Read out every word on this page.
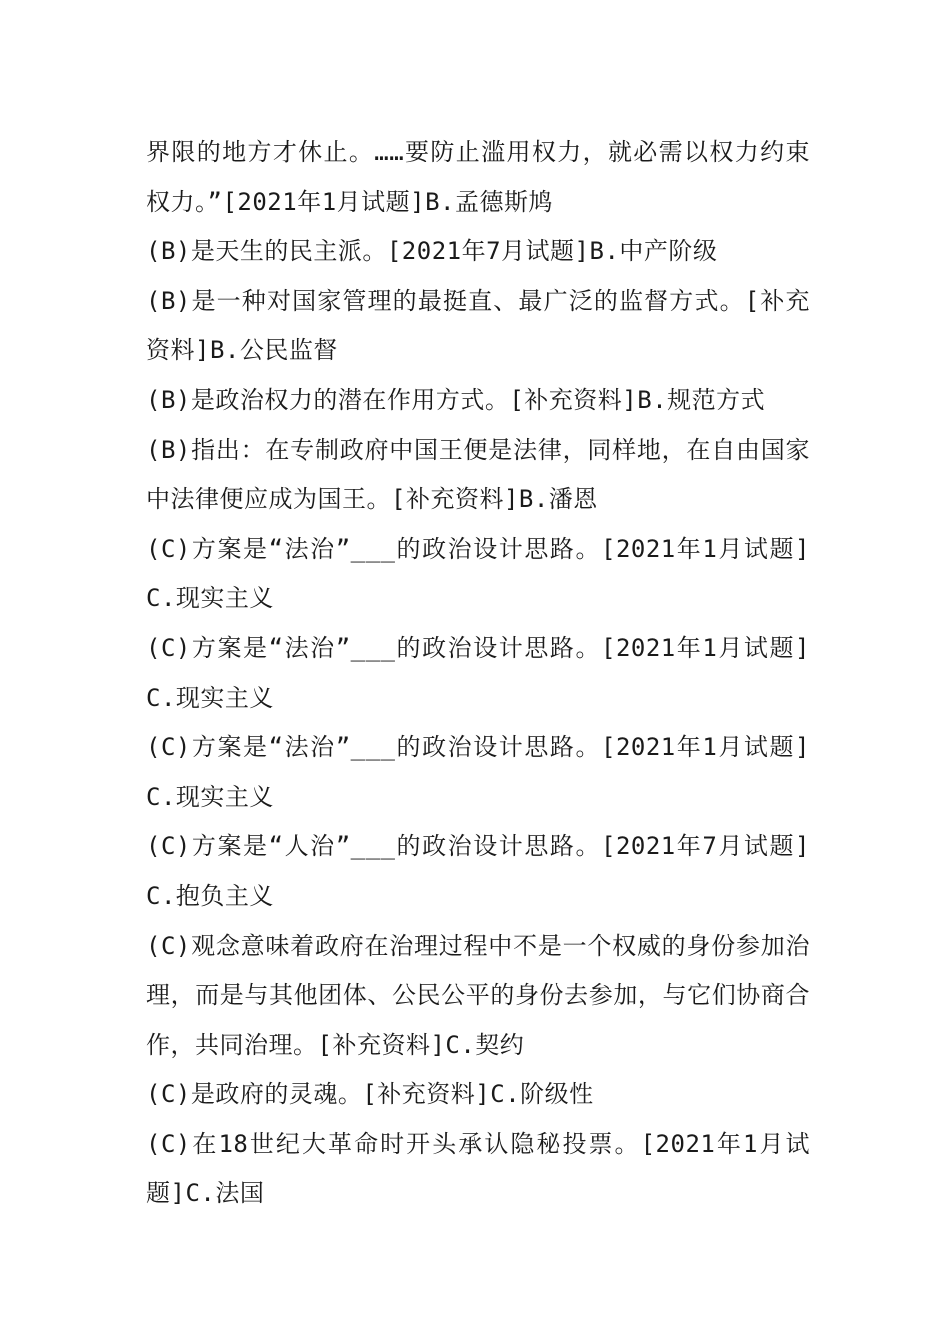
界限的地方才休止。……要防止滥用权力，就必需以权力约束权力。”[2021年1月试题]B.孟德斯鸠

(B)是天生的民主派。[2021年7月试题]B.中产阶级

(B)是一种对国家管理的最挺直、最广泛的监督方式。[补充资料]B.公民监督

(B)是政治权力的潜在作用方式。[补充资料]B.规范方式

(B)指出：在专制政府中国王便是法律，同样地，在自由国家中法律便应成为国王。[补充资料]B.潘恩

(C)方案是“法治”___的政治设计思路。[2021年1月试题]C.现实主义

(C)方案是“法治”___的政治设计思路。[2021年1月试题]C.现实主义

(C)方案是“法治”___的政治设计思路。[2021年1月试题]C.现实主义

(C)方案是“人治”___的政治设计思路。[2021年7月试题]C.抱负主义

(C)观念意味着政府在治理过程中不是一个权威的身份参加治理，而是与其他团体、公民公平的身份去参加，与它们协商合作，共同治理。[补充资料]C.契约

(C)是政府的灵魂。[补充资料]C.阶级性

(C)在18世纪大革命时开头承认隐秘投票。[2021年1月试题]C.法国
